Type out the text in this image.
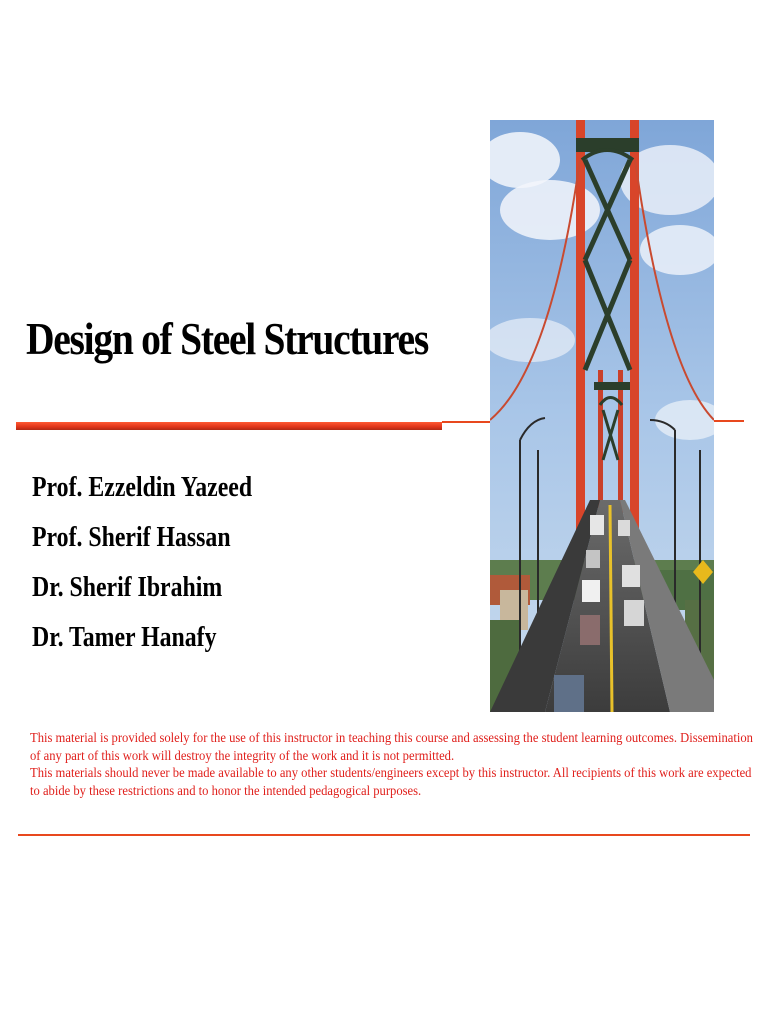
Design of Steel Structures
Prof. Ezzeldin Yazeed
Prof. Sherif Hassan
Dr. Sherif Ibrahim
Dr. Tamer Hanafy

This material is provided solely for the use of this instructor in teaching this course and assessing the student learning outcomes. Dissemination of any part of this work will destroy the integrity of the work and it is not permitted.

This materials should never be made available to any other students/engineers except by this instructor. All recipients of this work are expected to abide by these restrictions and to honor the intended pedagogical purposes.
